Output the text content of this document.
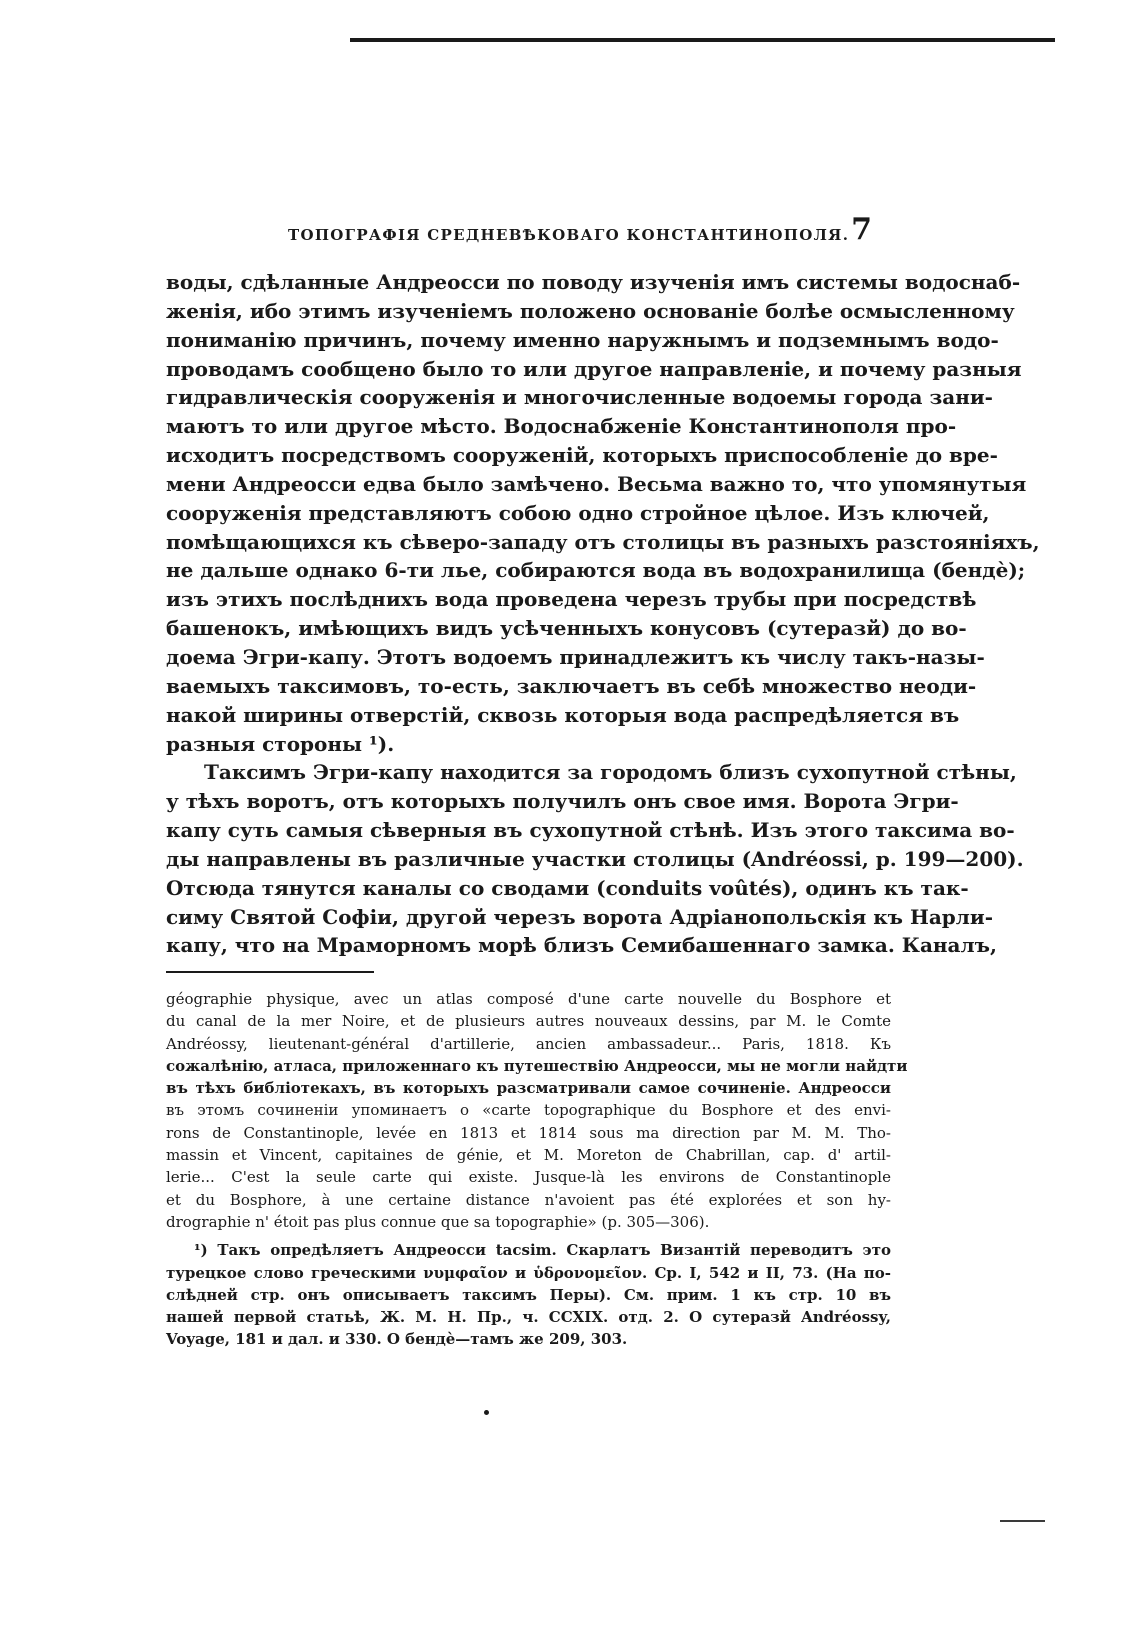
ТОПОГРАФІЯ СРЕДНЕВѢКОВАГО КОНСТАНТИНОПОЛЯ. 7
воды, сдѣланные Андреосси по поводу изученія имъ системы водоснаб-
женія, ибо этимъ изученіемъ положено основаніе болѣе осмысленному
пониманію причинъ, почему именно наружнымъ и подземнымъ водо-
проводамъ сообщено было то или другое направленіе, и почему разныя
гидравлическія сооруженія и многочисленные водоемы города зани-
маютъ то или другое мѣсто. Водоснабженіе Константинополя про-
исходитъ посредствомъ сооруженій, которыхъ приспособленіе до вре-
мени Андреосси едва было замѣчено. Весьма важно то, что упомянутыя
сооруженія представляютъ собою одно стройное цѣлое. Изъ ключей,
помѣщающихся къ сѣверо-западу отъ столицы въ разныхъ разстояніяхъ,
не дальше однако 6-ти лье, собираются вода въ водохранилища (бендѐ);
изъ этихъ послѣднихъ вода проведена черезъ трубы при посредствѣ
башенокъ, имѣющихъ видъ усѣченныхъ конусовъ (сутеразй) до во-
доема Эгри-капу. Этотъ водоемъ принадлежитъ къ числу такъ-назы-
ваемыхъ таксимовъ, то-есть, заключаетъ въ себѣ множество неоди-
накой ширины отверстій, сквозь которыя вода распредѣляется въ
разныя стороны ¹).
Таксимъ Эгри-капу находится за городомъ близъ сухопутной стѣны,
у тѣхъ воротъ, отъ которыхъ получилъ онъ свое имя. Ворота Эгри-
капу суть самыя сѣверныя въ сухопутной стѣнѣ. Изъ этого таксима во-
ды направлены въ различные участки столицы (Andréossi, p. 199—200).
Отсюда тянутся каналы со сводами (conduits voûtés), одинъ къ так-
симу Святой Софіи, другой черезъ ворота Адріанопольскія къ Нарли-
капу, что на Мраморномъ морѣ близъ Семибашеннаго замка. Каналъ,
géographie physique, avec un atlas composé d'une carte nouvelle du Bosphore et
du canal de la mer Noire, et de plusieurs autres nouveaux dessins, par M. le Comte
Andréossy, lieutenant-général d'artillerie, ancien ambassadeur... Paris, 1818. Къ
сожалѣнію, атласа, приложеннаго къ путешествію Андреосси, мы не могли найдти
въ тѣхъ библіотекахъ, въ которыхъ разсматривали самое сочиненіе. Андреосси
въ этомъ сочиненіи упоминаетъ о «carte topographique du Bosphore et des envi-
rons de Constantinople, levée en 1813 et 1814 sous ma direction par M. M. Tho-
massin et Vincent, capitaines de génie, et M. Moreton de Chabrillan, cap. d' artil-
lerie... C'est la seule carte qui existe. Jusque-là les environs de Constantinople
et du Bosphore, à une certaine distance n'avoient pas été explorées et son hy-
drographie n' étoit pas plus connue que sa topographie» (p. 305—306).
¹) Такъ опредѣляетъ Андреосси tacsim. Скарлатъ Византій переводитъ это
турецкое слово греческими νυμφαῖον и ὑδρονομεῖον. Ср. I, 542 и II, 73. (На по-
слѣдней стр. онъ описываетъ таксимъ Перы). См. прим. 1 къ стр. 10 въ
нашей первой статьѣ, Ж. М. Н. Пр., ч. CCXIX. отд. 2. О сутеразй Andréossy,
Voyage, 181 и дал. и 330. О бендѐ—тамъ же 209, 303.
